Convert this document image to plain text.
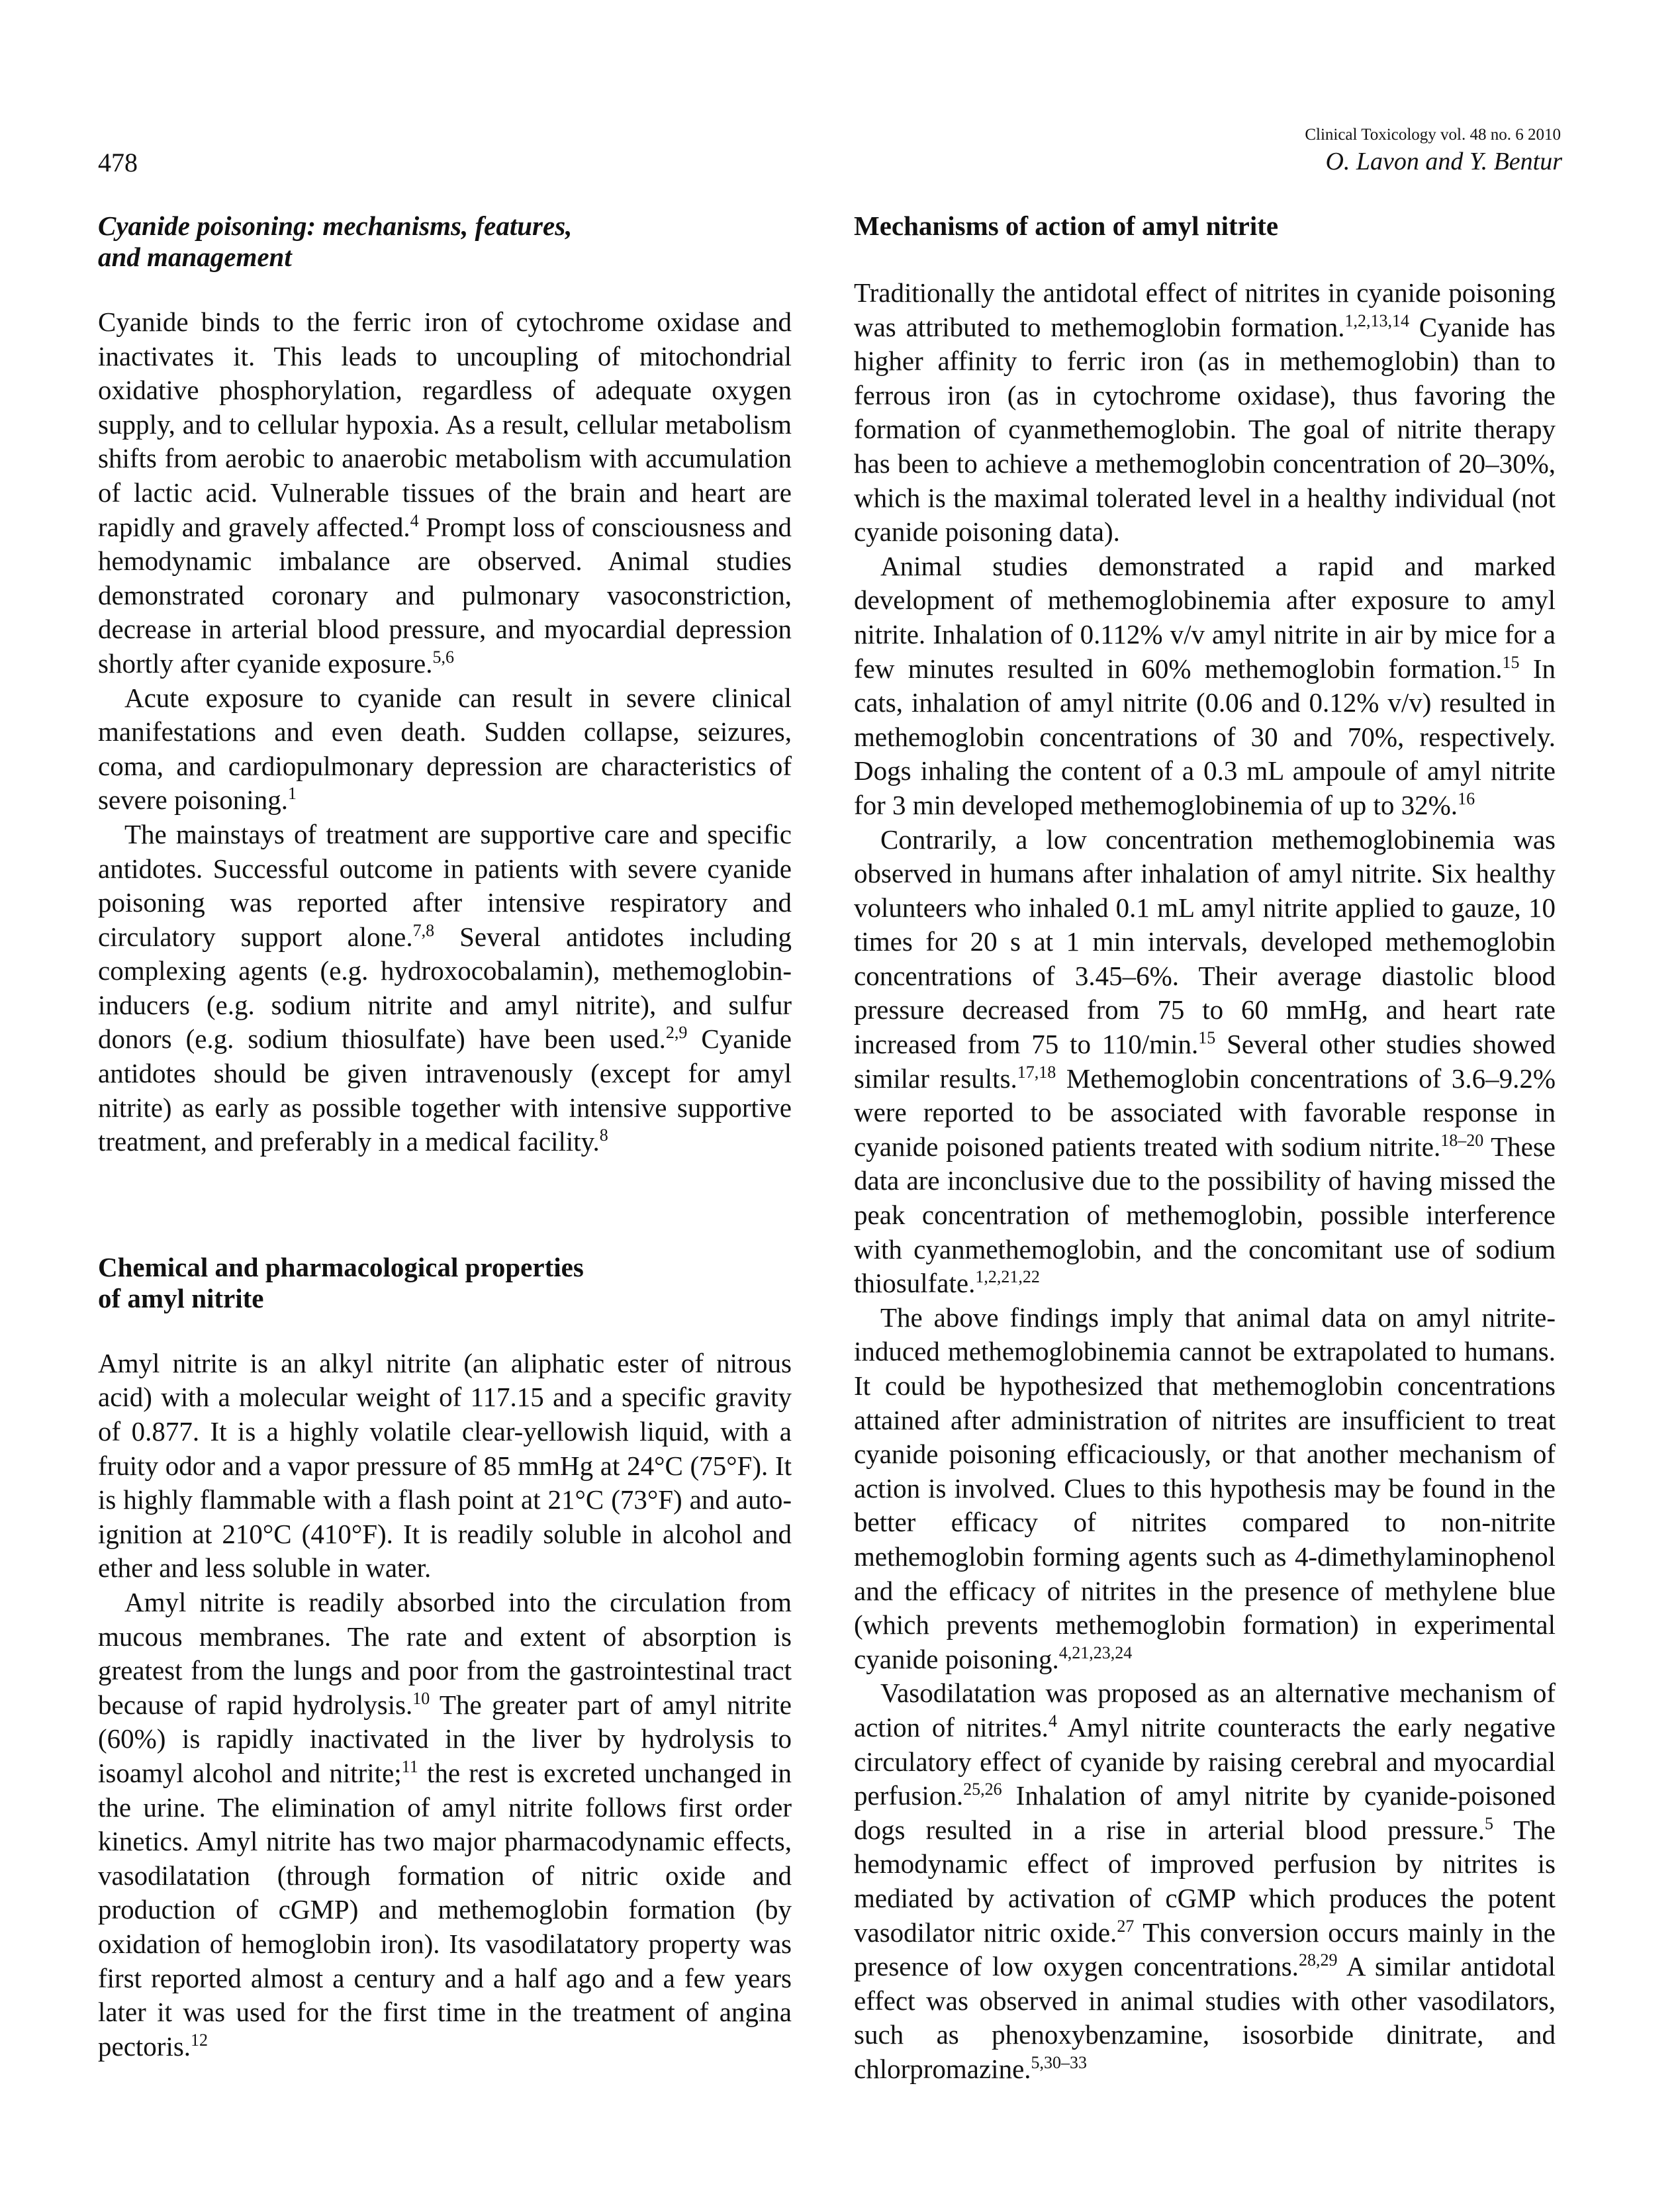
Clinical Toxicology vol. 48 no. 6 2010
478	O. Lavon and Y. Bentur
Cyanide poisoning: mechanisms, features,
and management

Cyanide binds to the ferric iron of cytochrome oxidase and inactivates it. This leads to uncoupling of mitochondrial oxidative phosphorylation, regardless of adequate oxygen supply, and to cellular hypoxia. As a result, cellular metabolism shifts from aerobic to anaerobic metabolism with accumulation of lactic acid. Vulnerable tissues of the brain and heart are rapidly and gravely affected.$^4$ Prompt loss of consciousness and hemodynamic imbalance are observed. Animal studies demonstrated coronary and pulmonary vasoconstriction, decrease in arterial blood pressure, and myocardial depression shortly after cyanide exposure.$^{5,6}$

Acute exposure to cyanide can result in severe clinical manifestations and even death. Sudden collapse, seizures, coma, and cardiopulmonary depression are characteristics of severe poisoning.$^1$

The mainstays of treatment are supportive care and specific antidotes. Successful outcome in patients with severe cyanide poisoning was reported after intensive respiratory and circulatory support alone.$^{7,8}$ Several antidotes including complexing agents (e.g. hydroxocobalamin), methemoglobin-inducers (e.g. sodium nitrite and amyl nitrite), and sulfur donors (e.g. sodium thiosulfate) have been used.$^{2,9}$ Cyanide antidotes should be given intravenously (except for amyl nitrite) as early as possible together with intensive supportive treatment, and preferably in a medical facility.$^8$

Chemical and pharmacological properties
of amyl nitrite

Amyl nitrite is an alkyl nitrite (an aliphatic ester of nitrous acid) with a molecular weight of 117.15 and a specific gravity of 0.877. It is a highly volatile clear-yellowish liquid, with a fruity odor and a vapor pressure of 85 mmHg at 24°C (75°F). It is highly flammable with a flash point at 21°C (73°F) and auto-ignition at 210°C (410°F). It is readily soluble in alcohol and ether and less soluble in water.

Amyl nitrite is readily absorbed into the circulation from mucous membranes. The rate and extent of absorption is greatest from the lungs and poor from the gastrointestinal tract because of rapid hydrolysis.$^{10}$ The greater part of amyl nitrite (60%) is rapidly inactivated in the liver by hydrolysis to isoamyl alcohol and nitrite;$^{11}$ the rest is excreted unchanged in the urine. The elimination of amyl nitrite follows first order kinetics. Amyl nitrite has two major pharmacodynamic effects, vasodilatation (through formation of nitric oxide and production of cGMP) and methemoglobin formation (by oxidation of hemoglobin iron). Its vasodilatatory property was first reported almost a century and a half ago and a few years later it was used for the first time in the treatment of angina pectoris.$^{12}$

Mechanisms of action of amyl nitrite

Traditionally the antidotal effect of nitrites in cyanide poisoning was attributed to methemoglobin formation.$^{1,2,13,14}$ Cyanide has higher affinity to ferric iron (as in methemoglobin) than to ferrous iron (as in cytochrome oxidase), thus favoring the formation of cyanmethemoglobin. The goal of nitrite therapy has been to achieve a methemoglobin concentration of 20–30%, which is the maximal tolerated level in a healthy individual (not cyanide poisoning data).

Animal studies demonstrated a rapid and marked development of methemoglobinemia after exposure to amyl nitrite. Inhalation of 0.112% v/v amyl nitrite in air by mice for a few minutes resulted in 60% methemoglobin formation.$^{15}$ In cats, inhalation of amyl nitrite (0.06 and 0.12% v/v) resulted in methemoglobin concentrations of 30 and 70%, respectively. Dogs inhaling the content of a 0.3 mL ampoule of amyl nitrite for 3 min developed methemoglobinemia of up to 32%.$^{16}$

Contrarily, a low concentration methemoglobinemia was observed in humans after inhalation of amyl nitrite. Six healthy volunteers who inhaled 0.1 mL amyl nitrite applied to gauze, 10 times for 20 s at 1 min intervals, developed methemoglobin concentrations of 3.45–6%. Their average diastolic blood pressure decreased from 75 to 60 mmHg, and heart rate increased from 75 to 110/min.$^{15}$ Several other studies showed similar results.$^{17,18}$ Methemoglobin concentrations of 3.6–9.2% were reported to be associated with favorable response in cyanide poisoned patients treated with sodium nitrite.$^{18-20}$ These data are inconclusive due to the possibility of having missed the peak concentration of methemoglobin, possible interference with cyanmethemoglobin, and the concomitant use of sodium thiosulfate.$^{1,2,21,22}$

The above findings imply that animal data on amyl nitrite-induced methemoglobinemia cannot be extrapolated to humans. It could be hypothesized that methemoglobin concentrations attained after administration of nitrites are insufficient to treat cyanide poisoning efficaciously, or that another mechanism of action is involved. Clues to this hypothesis may be found in the better efficacy of nitrites compared to non-nitrite methemoglobin forming agents such as 4-dimethylaminophenol and the efficacy of nitrites in the presence of methylene blue (which prevents methemoglobin formation) in experimental cyanide poisoning.$^{4,21,23,24}$

Vasodilatation was proposed as an alternative mechanism of action of nitrites.$^4$ Amyl nitrite counteracts the early negative circulatory effect of cyanide by raising cerebral and myocardial perfusion.$^{25,26}$ Inhalation of amyl nitrite by cyanide-poisoned dogs resulted in a rise in arterial blood pressure.$^5$ The hemodynamic effect of improved perfusion by nitrites is mediated by activation of cGMP which produces the potent vasodilator nitric oxide.$^{27}$ This conversion occurs mainly in the presence of low oxygen concentrations.$^{28,29}$ A similar antidotal effect was observed in animal studies with other vasodilators, such as phenoxybenzamine, isosorbide dinitrate, and chlorpromazine.$^{5,30-33}$
